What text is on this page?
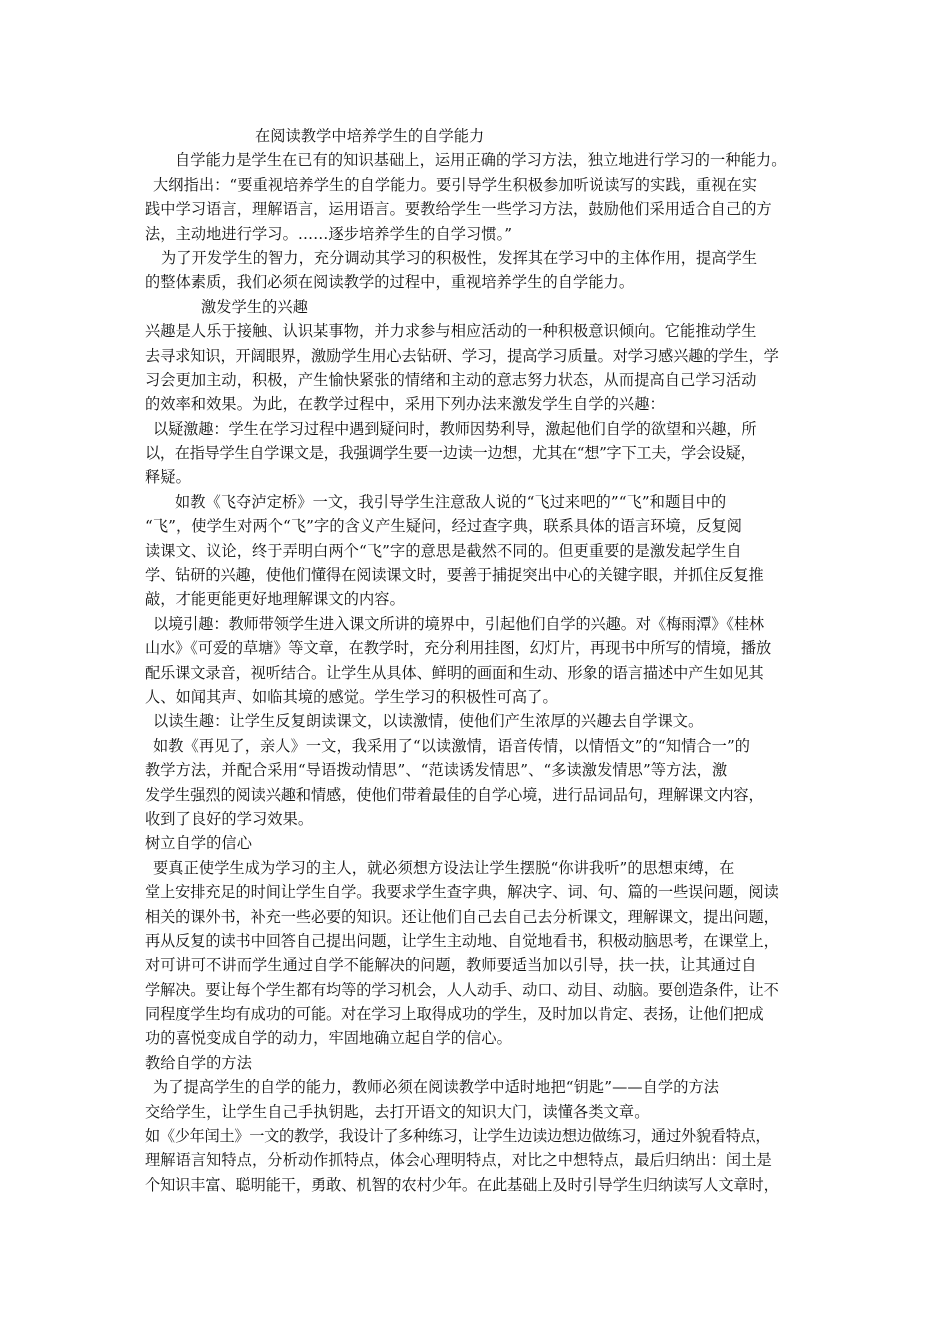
在阅读教学中培养学生的自学能力
自学能力是学生在已有的知识基础上，运用正确的学习方法，独立地进行学习的一种能力。
大纲指出：“要重视培养学生的自学能力。要引导学生积极参加听说读写的实践，重视在实
践中学习语言，理解语言，运用语言。要教给学生一些学习方法，鼓励他们采用适合自己的方
法，主动地进行学习。……逐步培养学生的自学习惯。”
为了开发学生的智力，充分调动其学习的积极性，发挥其在学习中的主体作用，提高学生
的整体素质，我们必须在阅读教学的过程中，重视培养学生的自学能力。
激发学生的兴趣
兴趣是人乐于接触、认识某事物，并力求参与相应活动的一种积极意识倾向。它能推动学生
去寻求知识，开阔眼界，激励学生用心去钻研、学习，提高学习质量。对学习感兴趣的学生，学
习会更加主动，积极，产生愉快紧张的情绪和主动的意志努力状态，从而提高自己学习活动
的效率和效果。为此，在教学过程中，采用下列办法来激发学生自学的兴趣：
以疑激趣：学生在学习过程中遇到疑问时，教师因势利导，激起他们自学的欲望和兴趣，所
以，在指导学生自学课文是，我强调学生要一边读一边想，尤其在“想”字下工夫，学会设疑，
释疑。
如教《飞夺泸定桥》一文，我引导学生注意敌人说的“飞过来吧的”“飞”和题目中的
“飞”，使学生对两个“飞”字的含义产生疑问，经过查字典，联系具体的语言环境，反复阅
读课文、议论，终于弄明白两个“飞”字的意思是截然不同的。但更重要的是激发起学生自
学、钻研的兴趣，使他们懂得在阅读课文时，要善于捕捉突出中心的关键字眼，并抓住反复推
敲，才能更能更好地理解课文的内容。
以境引趣：教师带领学生进入课文所讲的境界中，引起他们自学的兴趣。对《梅雨潭》《桂林
山水》《可爱的草塘》等文章，在教学时，充分利用挂图，幻灯片，再现书中所写的情境，播放
配乐课文录音，视听结合。让学生从具体、鲜明的画面和生动、形象的语言描述中产生如见其
人、如闻其声、如临其境的感觉。学生学习的积极性可高了。
以读生趣：让学生反复朗读课文，以读激情，使他们产生浓厚的兴趣去自学课文。
如教《再见了，亲人》一文，我采用了“以读激情，语音传情，以情悟文”的“知情合一”的
教学方法，并配合采用“导语拨动情思”、“范读诱发情思”、“多读激发情思”等方法，激
发学生强烈的阅读兴趣和情感，使他们带着最佳的自学心境，进行品词品句，理解课文内容，
收到了良好的学习效果。
树立自学的信心
要真正使学生成为学习的主人，就必须想方设法让学生摆脱“你讲我听”的思想束缚，在
堂上安排充足的时间让学生自学。我要求学生查字典，解决字、词、句、篇的一些误问题，阅读
相关的课外书，补充一些必要的知识。还让他们自己去自己去分析课文，理解课文，提出问题，
再从反复的读书中回答自己提出问题，让学生主动地、自觉地看书，积极动脑思考，在课堂上，
对可讲可不讲而学生通过自学不能解决的问题，教师要适当加以引导，扶一扶，让其通过自
学解决。要让每个学生都有均等的学习机会，人人动手、动口、动目、动脑。要创造条件，让不
同程度学生均有成功的可能。对在学习上取得成功的学生，及时加以肯定、表扬，让他们把成
功的喜悦变成自学的动力，牢固地确立起自学的信心。
教给自学的方法
为了提高学生的自学的能力，教师必须在阅读教学中适时地把“钥匙”——自学的方法
交给学生，让学生自己手执钥匙，去打开语文的知识大门，读懂各类文章。
如《少年闰土》一文的教学，我设计了多种练习，让学生边读边想边做练习，通过外貌看特点，
理解语言知特点，分析动作抓特点，体会心理明特点，对比之中想特点，最后归纳出：闰土是
个知识丰富、聪明能干，勇敢、机智的农村少年。在此基础上及时引导学生归纳读写人文章时，
